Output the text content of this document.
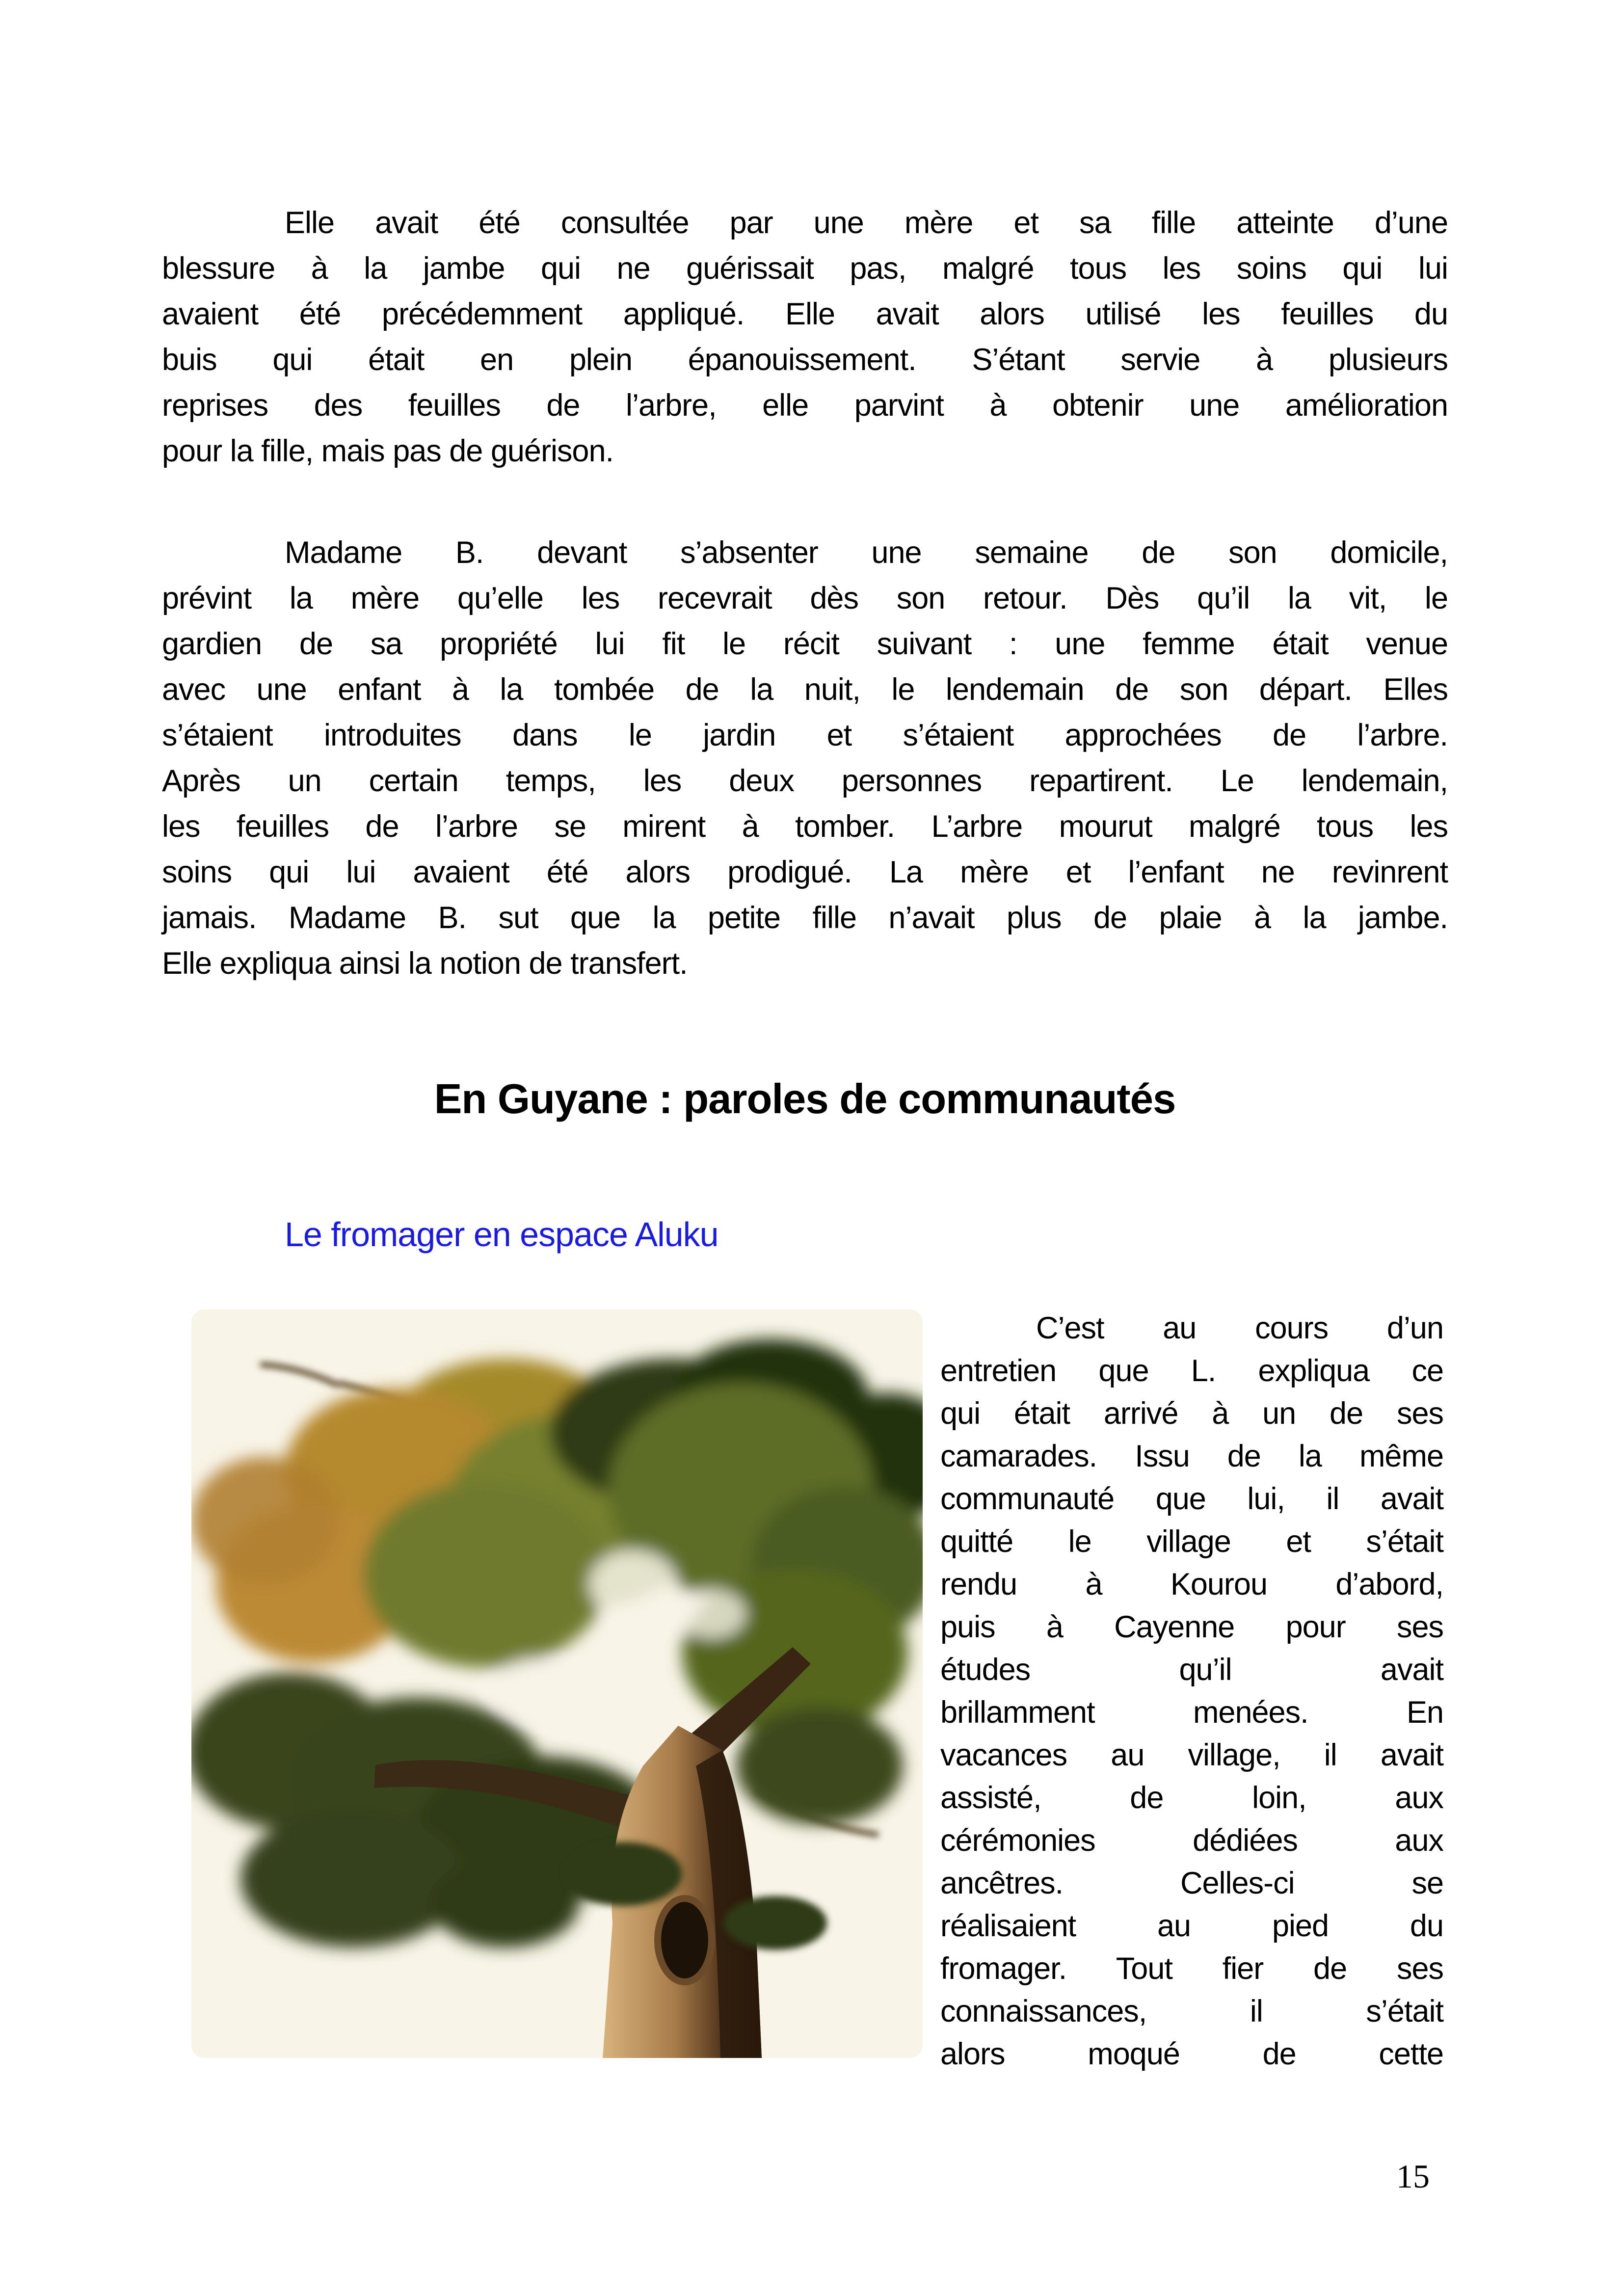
Elle avait été consultée par une mère et sa fille atteinte d’une
blessure à la jambe qui ne guérissait pas, malgré tous les soins qui lui
avaient été précédemment appliqué. Elle avait alors utilisé les feuilles du
buis qui était en plein épanouissement. S’étant servie à plusieurs
reprises des feuilles de l’arbre, elle parvint à obtenir une amélioration
pour la fille, mais pas de guérison.
Madame B. devant s’absenter une semaine de son domicile,
prévint la mère qu’elle les recevrait dès son retour. Dès qu’il la vit, le
gardien de sa propriété lui fit le récit suivant : une femme était venue
avec une enfant à la tombée de la nuit, le lendemain de son départ. Elles
s’étaient introduites dans le jardin et s’étaient approchées de l’arbre.
Après un certain temps, les deux personnes repartirent. Le lendemain,
les feuilles de l’arbre se mirent à tomber. L’arbre mourut malgré tous les
soins qui lui avaient été alors prodigué. La mère et l’enfant ne revinrent
jamais. Madame B. sut que la petite fille n’avait plus de plaie à la jambe.
Elle expliqua ainsi la notion de transfert.
En Guyane : paroles de communautés
Le fromager en espace Aluku
C’est au cours d’un
entretien que L. expliqua ce
qui était arrivé à un de ses
camarades. Issu de la même
communauté que lui, il avait
quitté le village et s’était
rendu à Kourou d’abord,
puis à Cayenne pour ses
études qu’il avait
brillamment menées. En
vacances au village, il avait
assisté, de loin, aux
cérémonies dédiées aux
ancêtres. Celles-ci se
réalisaient au pied du
fromager. Tout fier de ses
connaissances, il s’était
alors moqué de cette
15
